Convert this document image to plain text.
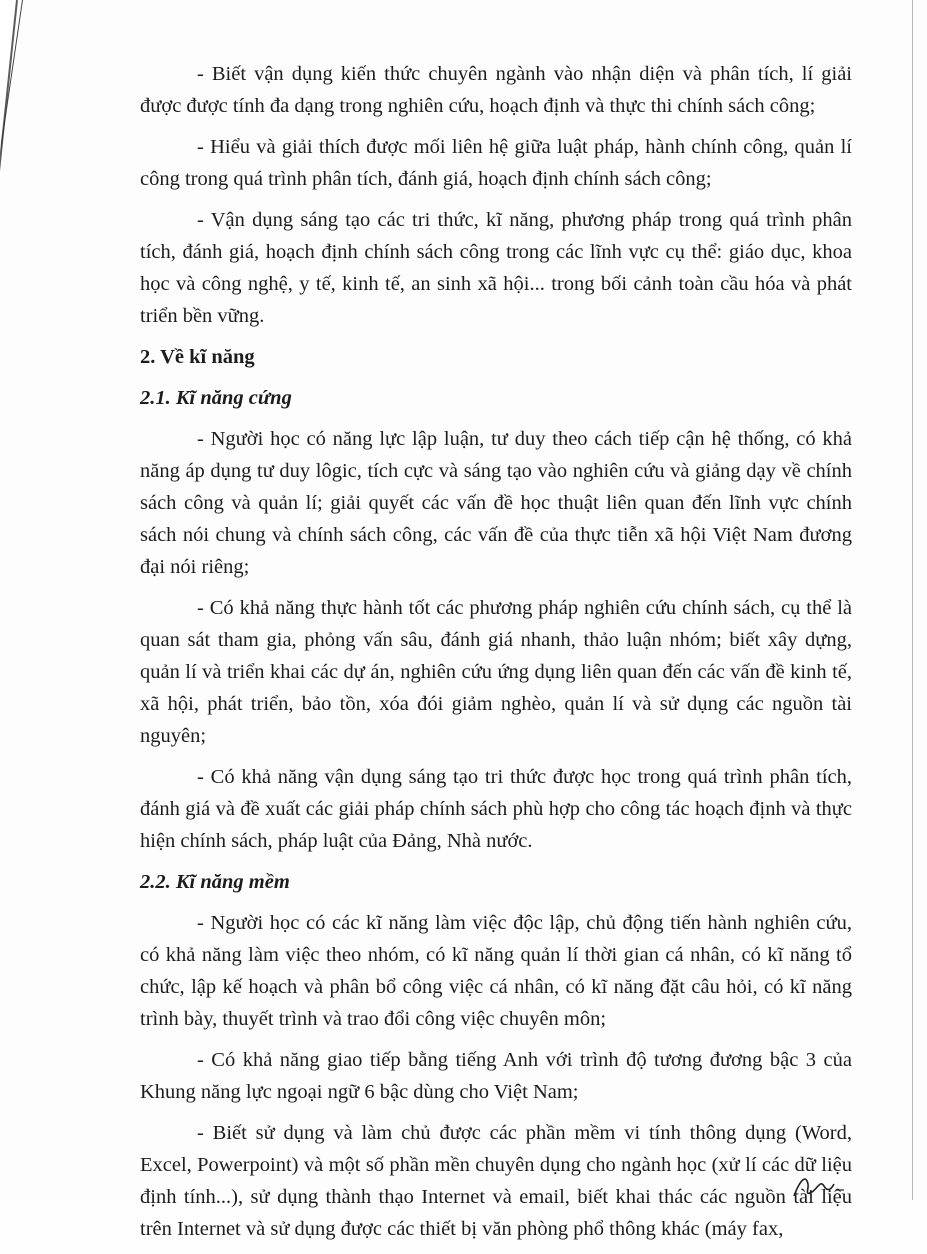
- Biết vận dụng kiến thức chuyên ngành vào nhận diện và phân tích, lí giải được được tính đa dạng trong nghiên cứu, hoạch định và thực thi chính sách công;

- Hiểu và giải thích được mối liên hệ giữa luật pháp, hành chính công, quản lí công trong quá trình phân tích, đánh giá, hoạch định chính sách công;

- Vận dụng sáng tạo các tri thức, kĩ năng, phương pháp trong quá trình phân tích, đánh giá, hoạch định chính sách công trong các lĩnh vực cụ thể: giáo dục, khoa học và công nghệ, y tế, kinh tế, an sinh xã hội... trong bối cảnh toàn cầu hóa và phát triển bền vững.

2. Về kĩ năng
2.1. Kĩ năng cứng

- Người học có năng lực lập luận, tư duy theo cách tiếp cận hệ thống, có khả năng áp dụng tư duy lôgic, tích cực và sáng tạo vào nghiên cứu và giảng dạy về chính sách công và quản lí; giải quyết các vấn đề học thuật liên quan đến lĩnh vực chính sách nói chung và chính sách công, các vấn đề của thực tiễn xã hội Việt Nam đương đại nói riêng;

- Có khả năng thực hành tốt các phương pháp nghiên cứu chính sách, cụ thể là quan sát tham gia, phỏng vấn sâu, đánh giá nhanh, thảo luận nhóm; biết xây dựng, quản lí và triển khai các dự án, nghiên cứu ứng dụng liên quan đến các vấn đề kinh tế, xã hội, phát triển, bảo tồn, xóa đói giảm nghèo, quản lí và sử dụng các nguồn tài nguyên;

- Có khả năng vận dụng sáng tạo tri thức được học trong quá trình phân tích, đánh giá và đề xuất các giải pháp chính sách phù hợp cho công tác hoạch định và thực hiện chính sách, pháp luật của Đảng, Nhà nước.

2.2. Kĩ năng mềm

- Người học có các kĩ năng làm việc độc lập, chủ động tiến hành nghiên cứu, có khả năng làm việc theo nhóm, có kĩ năng quản lí thời gian cá nhân, có kĩ năng tổ chức, lập kế hoạch và phân bổ công việc cá nhân, có kĩ năng đặt câu hỏi, có kĩ năng trình bày, thuyết trình và trao đổi công việc chuyên môn;

- Có khả năng giao tiếp bằng tiếng Anh với trình độ tương đương bậc 3 của Khung năng lực ngoại ngữ 6 bậc dùng cho Việt Nam;

- Biết sử dụng và làm chủ được các phần mềm vi tính thông dụng (Word, Excel, Powerpoint) và một số phần mền chuyên dụng cho ngành học (xử lí các dữ liệu định tính...), sử dụng thành thạo Internet và email, biết khai thác các nguồn tài liệu trên Internet và sử dụng được các thiết bị văn phòng phổ thông khác (máy fax,
